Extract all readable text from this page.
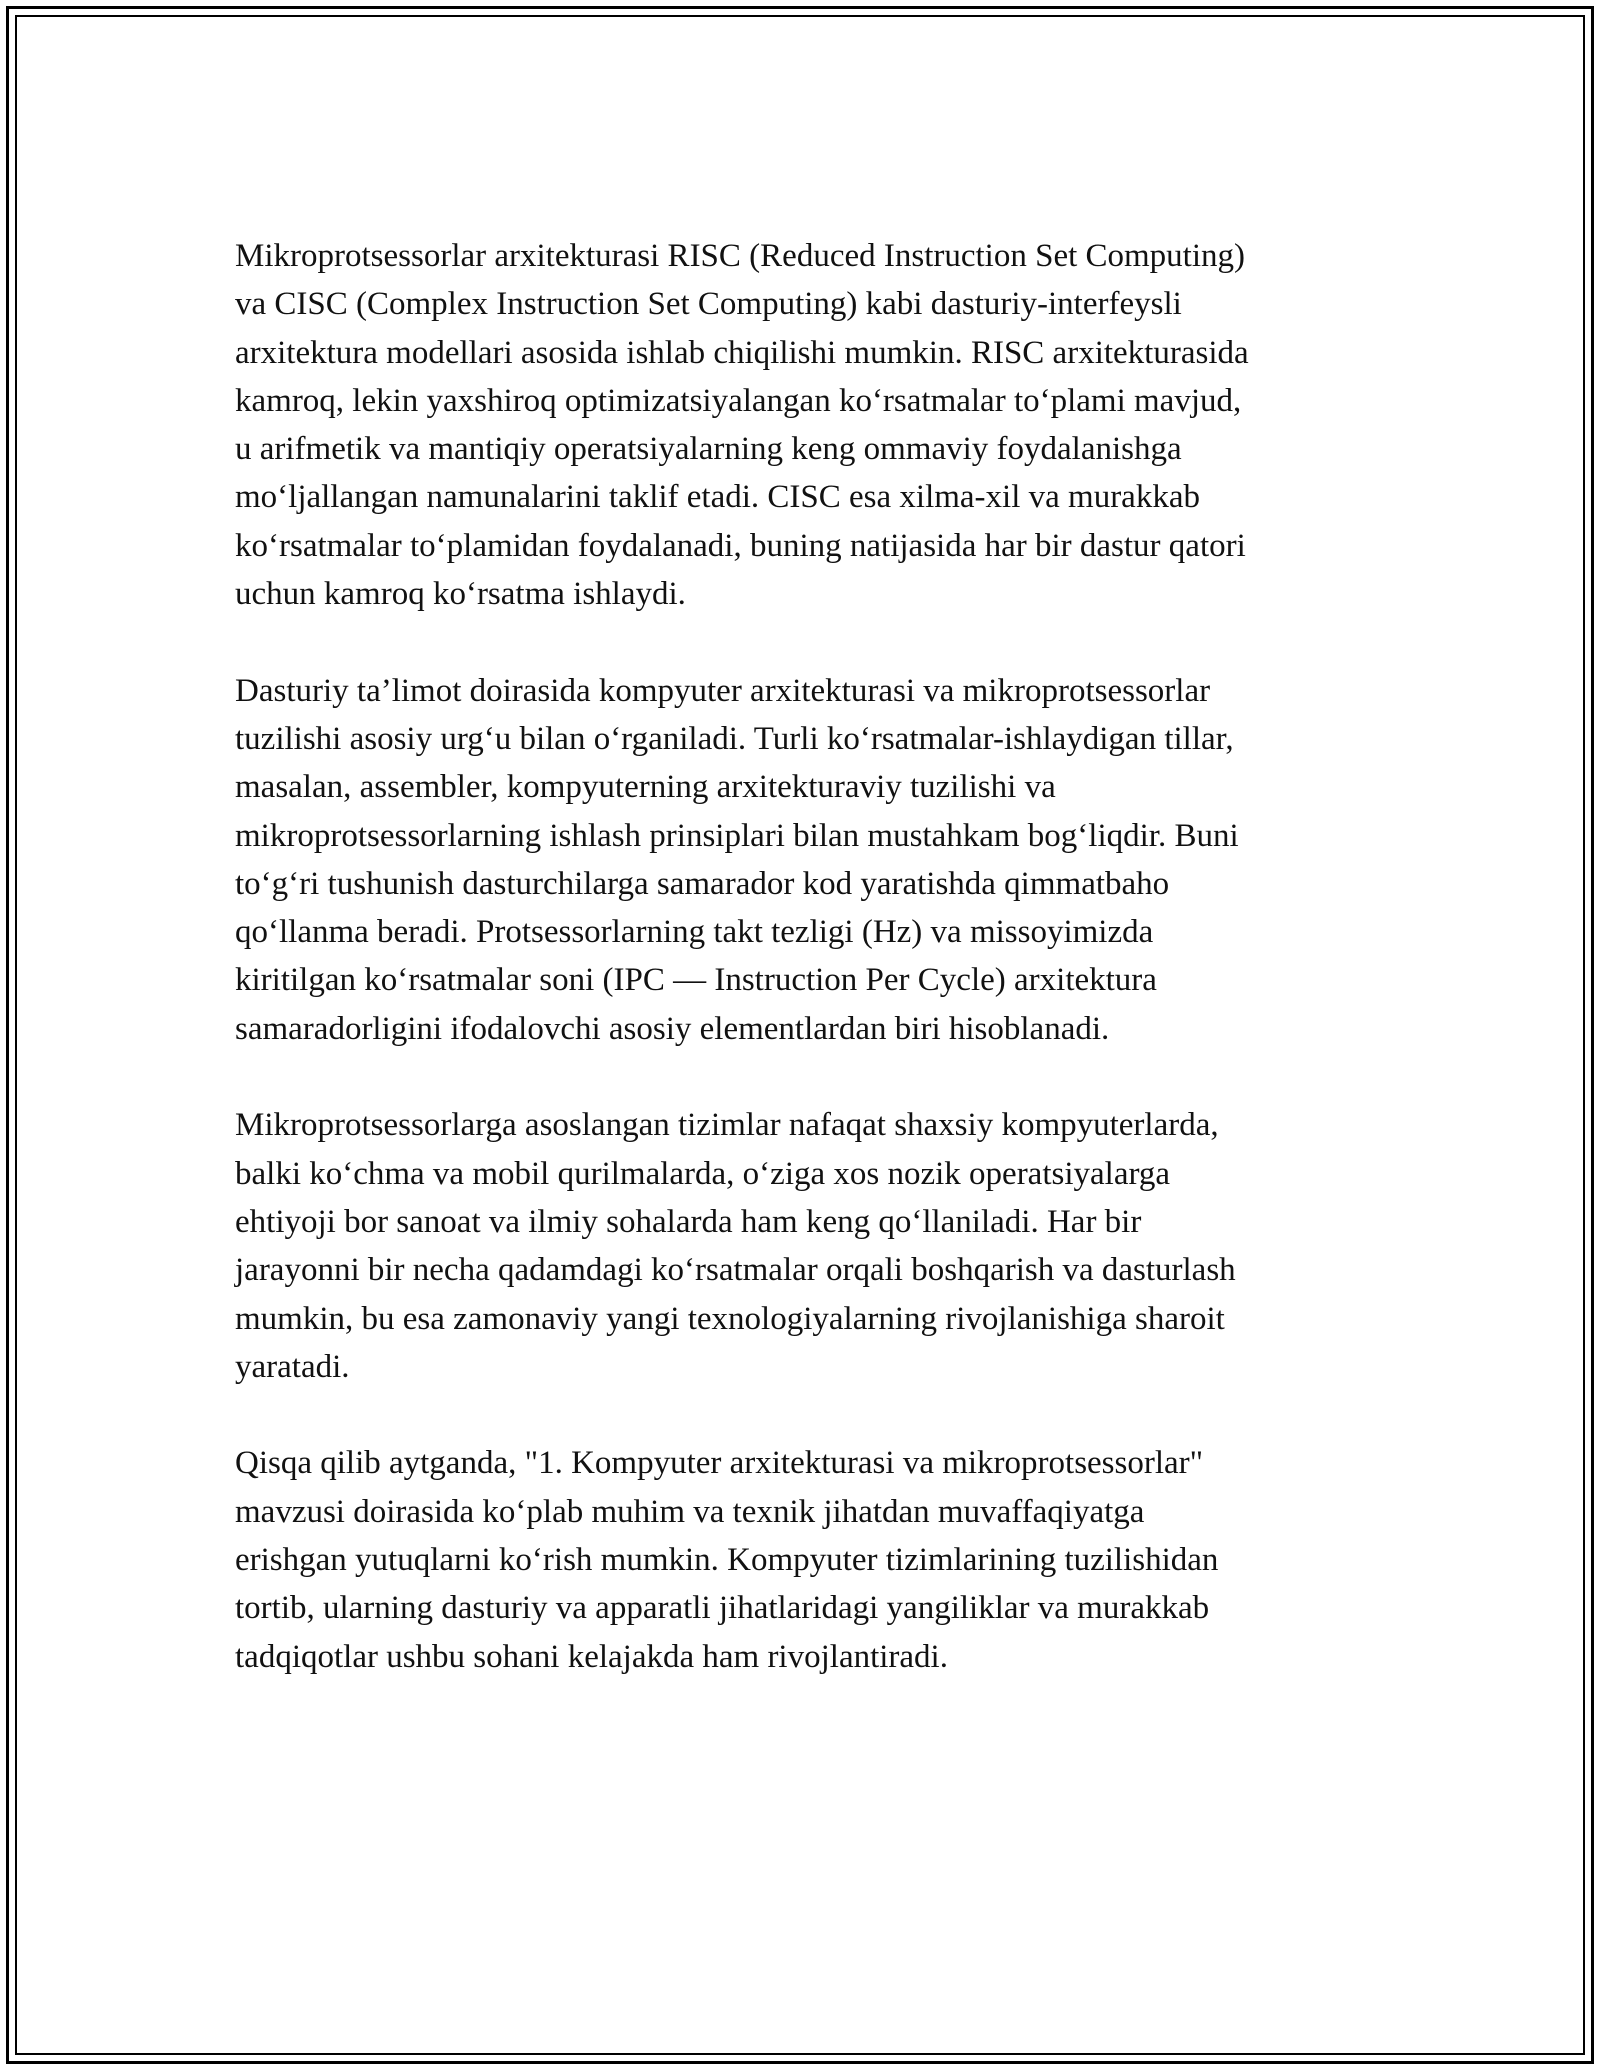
Mikroprotsessorlar arxitekturasi RISC (Reduced Instruction Set Computing)
va CISC (Complex Instruction Set Computing) kabi dasturiy-interfeysli
arxitektura modellari asosida ishlab chiqilishi mumkin. RISC arxitekturasida
kamroq, lekin yaxshiroq optimizatsiyalangan ko‘rsatmalar to‘plami mavjud,
u arifmetik va mantiqiy operatsiyalarning keng ommaviy foydalanishga
mo‘ljallangan namunalarini taklif etadi. CISC esa xilma-xil va murakkab
ko‘rsatmalar to‘plamidan foydalanadi, buning natijasida har bir dastur qatori
uchun kamroq ko‘rsatma ishlaydi.

Dasturiy ta’limot doirasida kompyuter arxitekturasi va mikroprotsessorlar
tuzilishi asosiy urg‘u bilan o‘rganiladi. Turli ko‘rsatmalar-ishlaydigan tillar,
masalan, assembler, kompyuterning arxitekturaviy tuzilishi va
mikroprotsessorlarning ishlash prinsiplari bilan mustahkam bog‘liqdir. Buni
to‘g‘ri tushunish dasturchilarga samarador kod yaratishda qimmatbaho
qo‘llanma beradi. Protsessorlarning takt tezligi (Hz) va missoyimizda
kiritilgan ko‘rsatmalar soni (IPC — Instruction Per Cycle) arxitektura
samaradorligini ifodalovchi asosiy elementlardan biri hisoblanadi.

Mikroprotsessorlarga asoslangan tizimlar nafaqat shaxsiy kompyuterlarda,
balki ko‘chma va mobil qurilmalarda, o‘ziga xos nozik operatsiyalarga
ehtiyoji bor sanoat va ilmiy sohalarda ham keng qo‘llaniladi. Har bir
jarayonni bir necha qadamdagi ko‘rsatmalar orqali boshqarish va dasturlash
mumkin, bu esa zamonaviy yangi texnologiyalarning rivojlanishiga sharoit
yaratadi.

Qisqa qilib aytganda, "1. Kompyuter arxitekturasi va mikroprotsessorlar"
mavzusi doirasida ko‘plab muhim va texnik jihatdan muvaffaqiyatga
erishgan yutuqlarni ko‘rish mumkin. Kompyuter tizimlarining tuzilishidan
tortib, ularning dasturiy va apparatli jihatlaridagi yangiliklar va murakkab
tadqiqotlar ushbu sohani kelajakda ham rivojlantiradi.
